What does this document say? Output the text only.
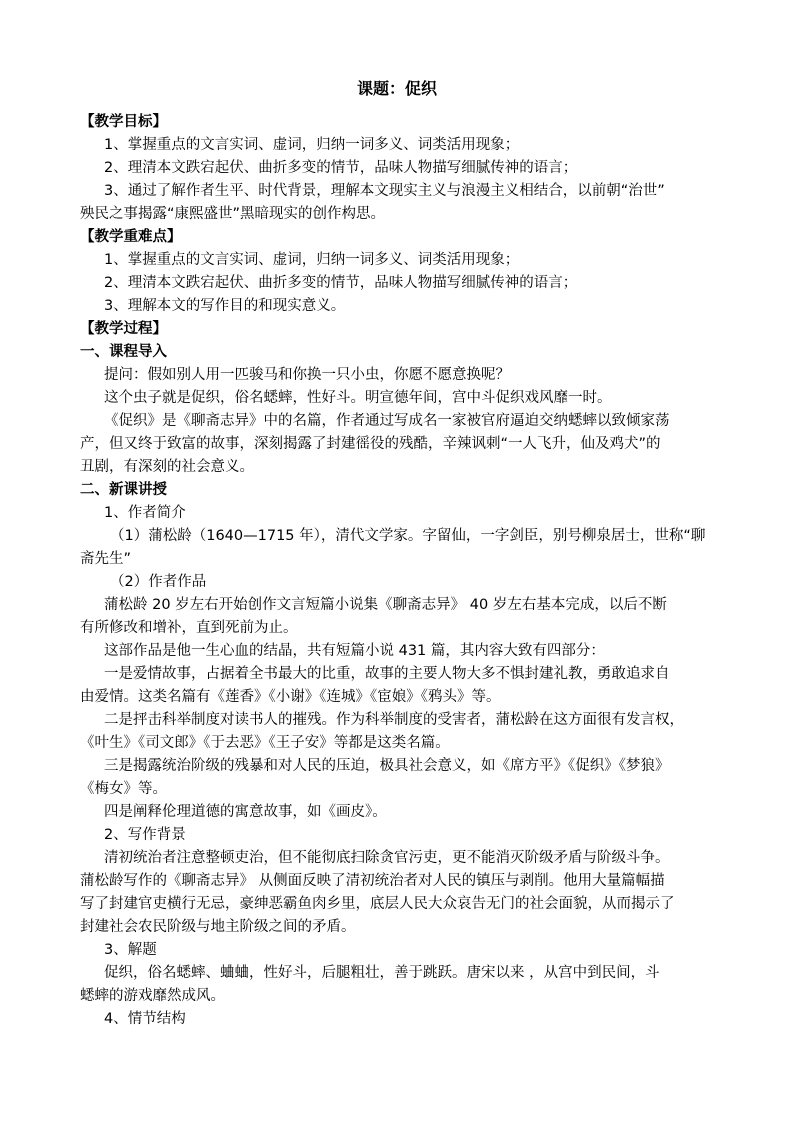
课题：促织
【教学目标】
1、掌握重点的文言实词、虚词，归纳一词多义、词类活用现象；
2、理清本文跌宕起伏、曲折多变的情节，品味人物描写细腻传神的语言；
3、通过了解作者生平、时代背景，理解本文现实主义与浪漫主义相结合，以前朝“治世”
殃民之事揭露“康熙盛世”黑暗现实的创作构思。
【教学重难点】
1、掌握重点的文言实词、虚词，归纳一词多义、词类活用现象；
2、理清本文跌宕起伏、曲折多变的情节，品味人物描写细腻传神的语言；
3、理解本文的写作目的和现实意义。
【教学过程】
一、课程导入
提问：假如别人用一匹骏马和你换一只小虫，你愿不愿意换呢？
这个虫子就是促织，俗名蟋蟀，性好斗。明宣德年间，宫中斗促织戏风靡一时。
《促织》是《聊斋志异》中的名篇，作者通过写成名一家被官府逼迫交纳蟋蟀以致倾家荡
产，但又终于致富的故事，深刻揭露了封建徭役的残酷，辛辣讽刺“一人飞升，仙及鸡犬”的
丑剧，有深刻的社会意义。
二、新课讲授
1、作者简介
（1）蒲松龄（1640—1715 年），清代文学家。字留仙，一字剑臣，别号柳泉居士，世称“聊
斋先生”
（2）作者作品
蒲松龄 20 岁左右开始创作文言短篇小说集《聊斋志异》 40 岁左右基本完成，以后不断
有所修改和增补，直到死前为止。
这部作品是他一生心血的结晶，共有短篇小说 431 篇，其内容大致有四部分：
一是爱情故事，占据着全书最大的比重，故事的主要人物大多不惧封建礼教，勇敢追求自
由爱情。这类名篇有《莲香》《小谢》《连城》《宦娘》《鸦头》等。
二是抨击科举制度对读书人的摧残。作为科举制度的受害者，蒲松龄在这方面很有发言权，
《叶生》《司文郎》《于去恶》《王子安》等都是这类名篇。
三是揭露统治阶级的残暴和对人民的压迫，极具社会意义，如《席方平》《促织》《梦狼》
《梅女》等。
四是阐释伦理道德的寓意故事，如《画皮》。
2、写作背景
清初统治者注意整顿吏治，但不能彻底扫除贪官污吏，更不能消灭阶级矛盾与阶级斗争。
蒲松龄写作的《聊斋志异》 从侧面反映了清初统治者对人民的镇压与剥削。他用大量篇幅描
写了封建官吏横行无忌，豪绅恶霸鱼肉乡里，底层人民大众哀告无门的社会面貌，从而揭示了
封建社会农民阶级与地主阶级之间的矛盾。
3、解题
促织，俗名蟋蟀、蛐蛐，性好斗，后腿粗壮，善于跳跃。唐宋以来 ，从宫中到民间，斗
蟋蟀的游戏靡然成风。
4、情节结构
